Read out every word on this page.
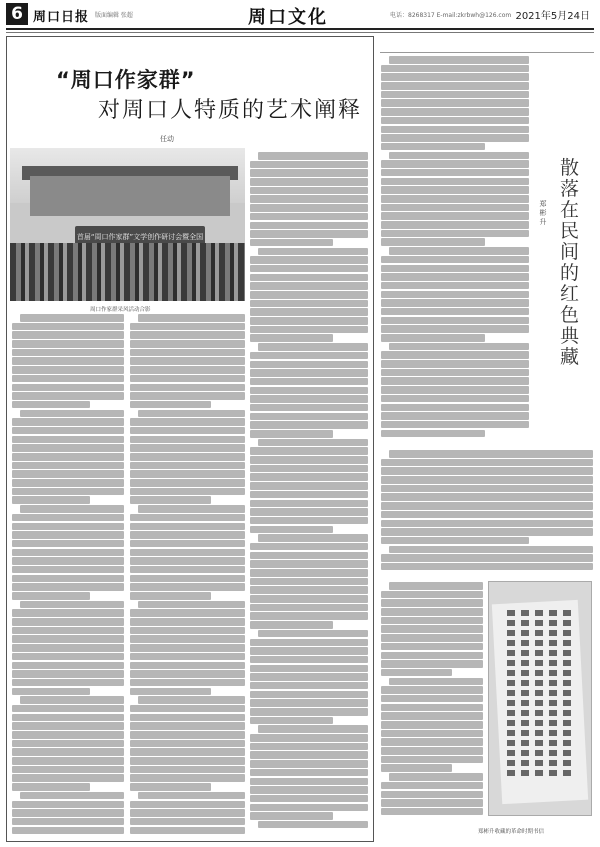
6 周口日报 版面编辑 张超	周口文化	电话：8268317 E-mail:zkrbwh@126.com 2021年5月24日
“周口作家群”
对周口人特质的艺术阐释
任动
首届“周口作家群”文学创作研讨会暨全国
周口作家群采风活动合影
散落在民间的红色典藏
郑彬升
郑彬升收藏的革命时期书信
